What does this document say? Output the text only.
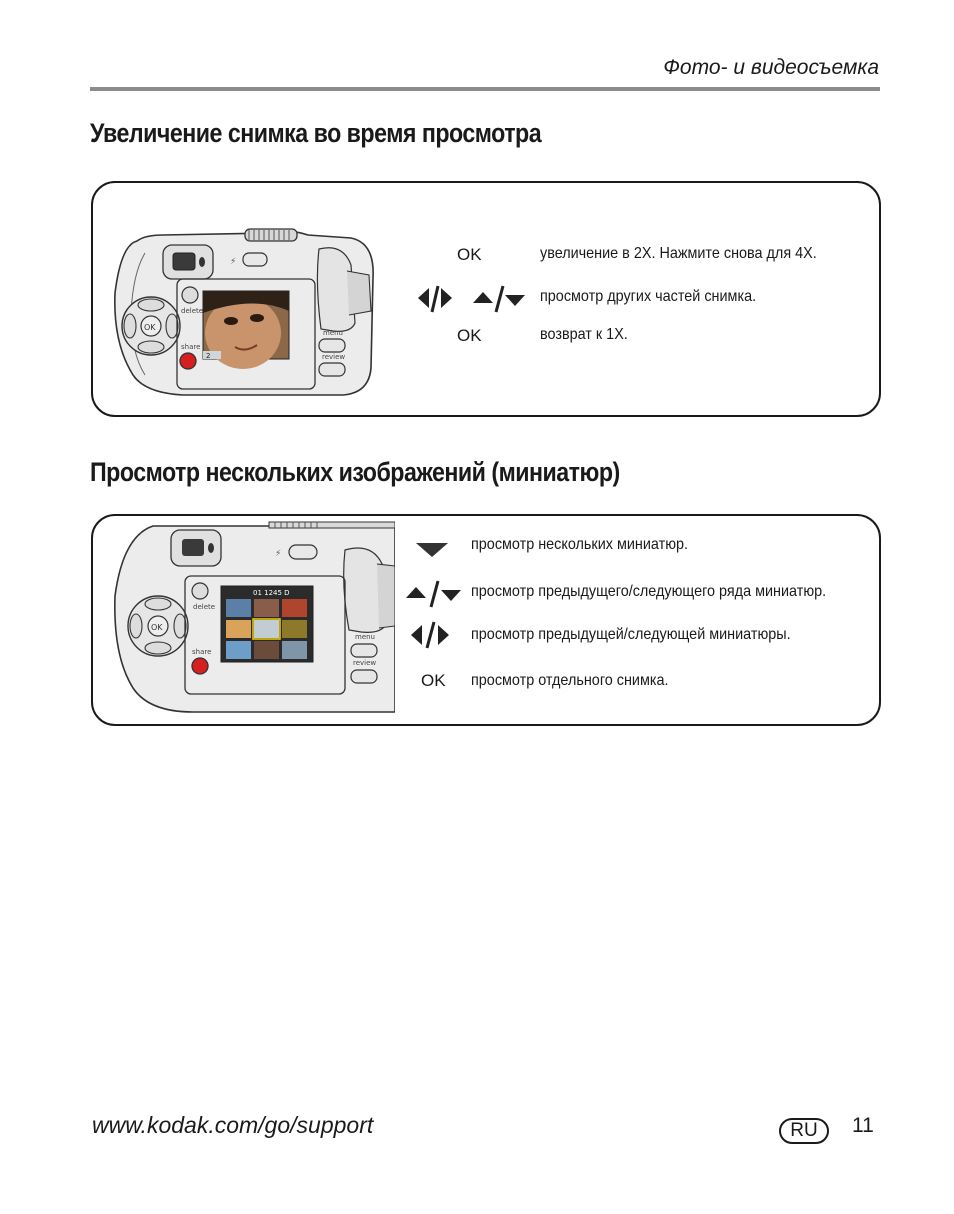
Фото- и видеосъемка
Увеличение снимка во время просмотра
⚡
OK
delete
share
2
menu
review
OK	увеличение в 2X. Нажмите снова для 4X.
просмотр других частей снимка.
OK	возврат к 1X.
Просмотр нескольких изображений (миниатюр)
⚡
OK
delete
share
01 1245 D
menu
review
просмотр нескольких миниатюр.
просмотр предыдущего/следующего ряда миниатюр.
просмотр предыдущей/следующей миниатюры.
OK просмотр отдельного снимка.
www.kodak.com/go/support	RU	11
